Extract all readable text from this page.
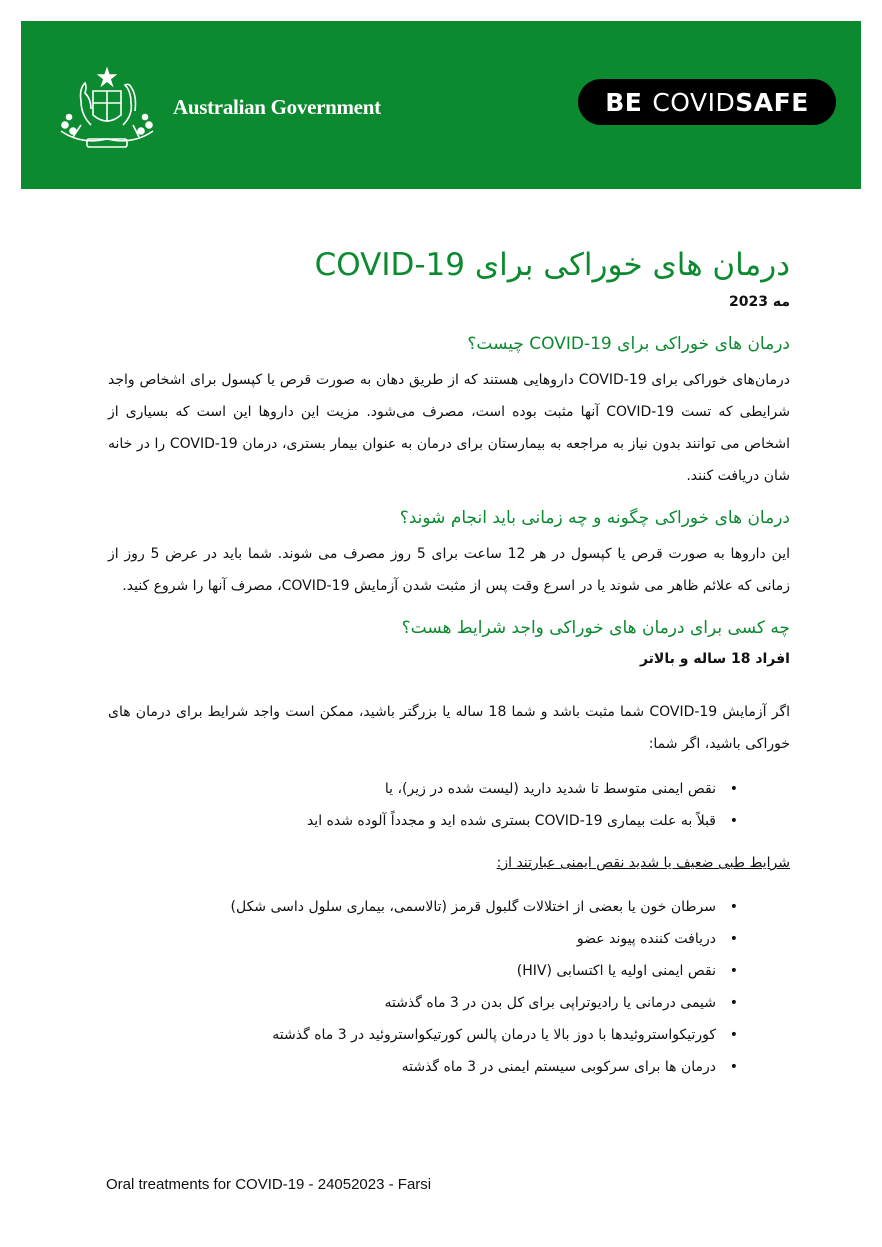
Australian Government	BE COVID SAFE
درمان های خوراکی برای COVID-19
مه 2023
درمان های خوراکی برای COVID-19 چیست؟

درمان‌های خوراکی برای COVID-19 داروهایی هستند که از طریق دهان به صورت قرص یا کپسول برای اشخاص واجد شرایطی که تست COVID-19 آنها مثبت بوده است، مصرف می‌شود. مزیت این داروها این است که بسیاری از اشخاص می توانند بدون نیاز به مراجعه به بیمارستان برای درمان به عنوان بیمار بستری، درمان COVID-19 را در خانه شان دریافت کنند.

درمان های خوراکی چگونه و چه زمانی باید انجام شوند؟

این داروها به صورت قرص یا کپسول در هر 12 ساعت برای 5 روز مصرف می شوند. شما باید در عرض 5 روز از زمانی که علائم ظاهر می شوند یا در اسرع وقت پس از مثبت شدن آزمایش COVID-19، مصرف آنها را شروع کنید.

چه کسی برای درمان های خوراکی واجد شرایط هست؟
افراد 18 ساله و بالاتر

اگر آزمایش COVID-19 شما مثبت باشد و شما 18 ساله یا بزرگتر باشید، ممکن است واجد شرایط برای درمان های خوراکی باشید، اگر شما:

• نقص ایمنی متوسط تا شدید دارید (لیست شده در زیر)، یا
• قبلاً به علت بیماری COVID-19 بستری شده اید و مجدداً آلوده شده اید
شرایط طبی ضعیف یا شدید نقص ایمنی عبارتند از:
• سرطان خون یا بعضی از اختلالات گلبول قرمز (تالاسمی، بیماری سلول داسی شکل)
• دریافت کننده پیوند عضو
• نقص ایمنی اولیه یا اکتسابی (HIV)
• شیمی درمانی یا رادیوتراپی برای کل بدن در 3 ماه گذشته
• کورتیکواستروئیدها با دوز بالا یا درمان پالس کورتیکواستروئید در 3 ماه گذشته
• درمان ها برای سرکوبی سیستم ایمنی در 3 ماه گذشته
Oral treatments for COVID-19 - 24052023 - Farsi
